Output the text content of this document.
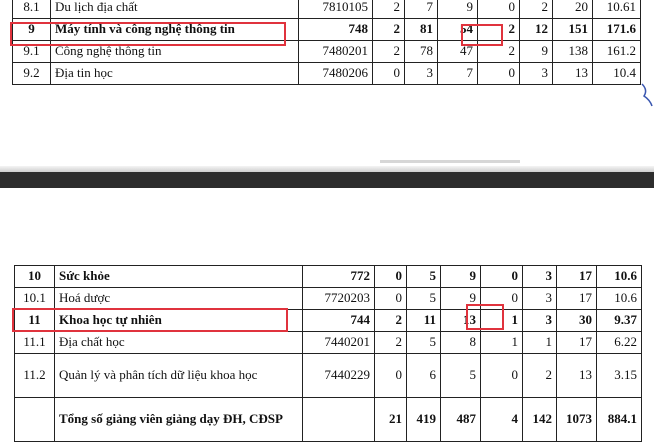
8.1	Du lịch địa chất	7810105	2	7	9	0	2	20	10.61
9	Máy tính và công nghệ thông tin	748	2	81	54	2	12	151	171.6
9.1	Công nghệ thông tin	7480201	2	78	47	2	9	138	161.2
9.2	Địa tin học	7480206	0	3	7	0	3	13	10.4
10	Sức khỏe	772	0	5	9	0	3	17	10.6
10.1	Hoá dược	7720203	0	5	9	0	3	17	10.6
11	Khoa học tự nhiên	744	2	11	13	1	3	30	9.37
11.1	Địa chất học	7440201	2	5	8	1	1	17	6.22
11.2	Quản lý và phân tích dữ liệu khoa học	7440229	0	6	5	0	2	13	3.15
	Tổng số giảng viên giảng dạy ĐH, CĐSP		21	419	487	4	142	1073	884.1
